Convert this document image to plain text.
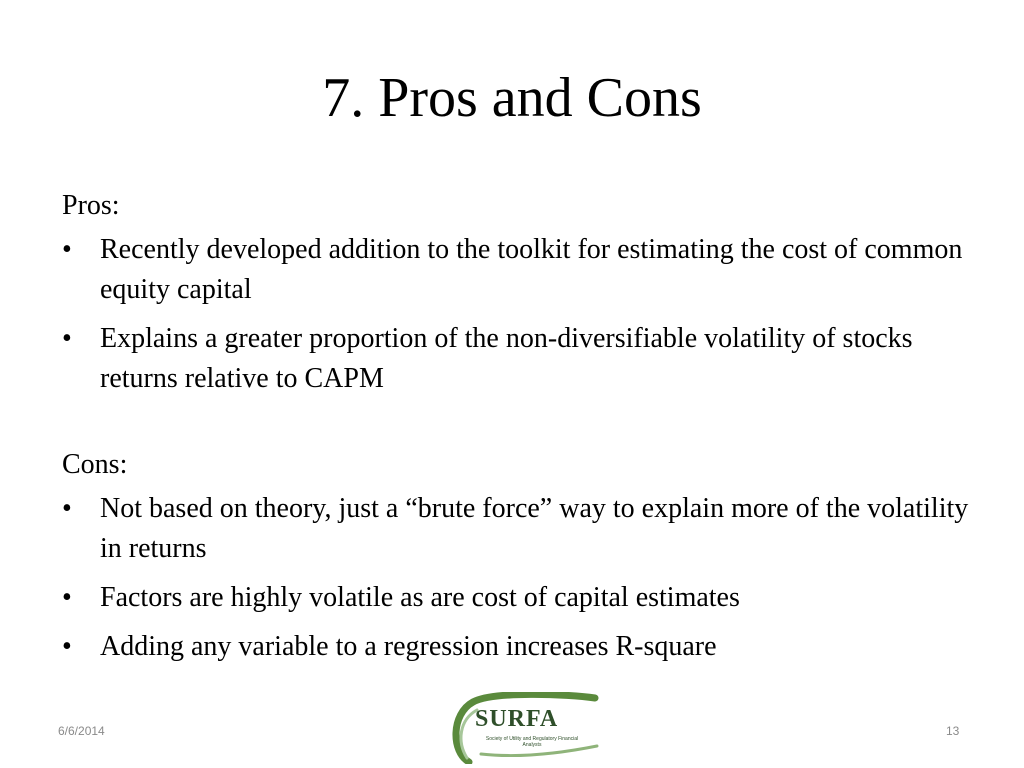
7. Pros and Cons

Pros:

• Recently developed addition to the toolkit for estimating the cost of common equity capital
• Explains a greater proportion of the non-diversifiable volatility of stocks returns relative to CAPM

Cons:

• Not based on theory, just a “brute force” way to explain more of the volatility in returns
• Factors are highly volatile as are cost of capital estimates
• Adding any variable to a regression increases R-square
6/6/2014	SURFA
Society of Utility and Regulatory Financial Analysts
13
